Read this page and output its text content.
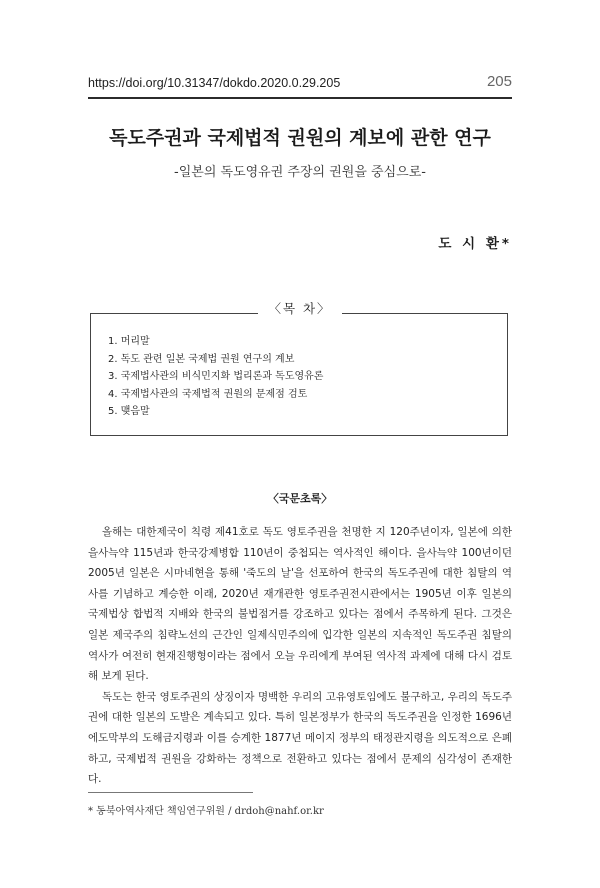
https://doi.org/10.31347/dokdo.2020.0.29.205	205
독도주권과 국제법적 권원의 계보에 관한 연구
-일본의 독도영유권 주장의 권원을 중심으로-
도 시 환*
〈목 차〉
1. 머리말
2. 독도 관련 일본 국제법 권원 연구의 계보
3. 국제법사관의 비식민지화 법리론과 독도영유론
4. 국제법사관의 국제법적 권원의 문제점 검토
5. 맺음말
〈국문초록〉

올해는 대한제국이 칙령 제41호로 독도 영토주권을 천명한 지 120주년이자, 일본에 의한 을사늑약 115년과 한국강제병합 110년이 중첩되는 역사적인 해이다. 을사늑약 100년이던 2005년 일본은 시마네현을 통해 '죽도의 날'을 선포하여 한국의 독도주권에 대한 침탈의 역사를 기념하고 계승한 이래, 2020년 재개관한 영토주권전시관에서는 1905년 이후 일본의 국제법상 합법적 지배와 한국의 불법점거를 강조하고 있다는 점에서 주목하게 된다. 그것은 일본 제국주의 침략노선의 근간인 일제식민주의에 입각한 일본의 지속적인 독도주권 침탈의 역사가 여전히 현재진행형이라는 점에서 오늘 우리에게 부여된 역사적 과제에 대해 다시 검토해 보게 된다.

독도는 한국 영토주권의 상징이자 명백한 우리의 고유영토임에도 불구하고, 우리의 독도주권에 대한 일본의 도발은 계속되고 있다. 특히 일본정부가 한국의 독도주권을 인정한 1696년 에도막부의 도해금지령과 이를 승계한 1877년 메이지 정부의 태정관지령을 의도적으로 은폐하고, 국제법적 권원을 강화하는 정책으로 전환하고 있다는 점에서 문제의 심각성이 존재한다.

* 동북아역사재단 책임연구위원 / drdoh@nahf.or.kr
